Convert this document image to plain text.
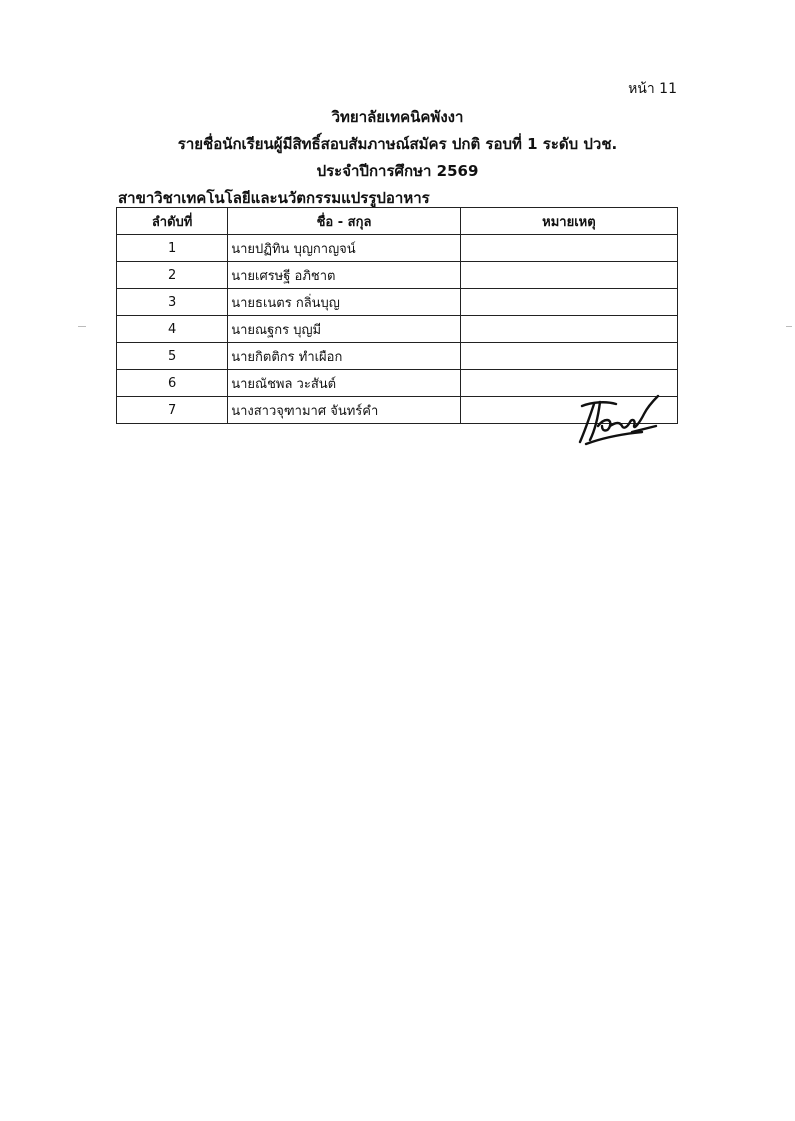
หน้า 11
วิทยาลัยเทคนิคพังงา
รายชื่อนักเรียนผู้มีสิทธิ์สอบสัมภาษณ์สมัคร ปกติ รอบที่ 1 ระดับ ปวช.
ประจำปีการศึกษา 2569
สาขาวิชาเทคโนโลยีและนวัตกรรมแปรรูปอาหาร
ลำดับที่	ชื่อ - สกุล	หมายเหตุ
1	นายปฏิทิน บุญกาญจน์	
2	นายเศรษฐี อภิชาต	
3	นายธเนตร กลิ่นบุญ	
4	นายณฐกร บุญมี	
5	นายกิตติกร ทำเผือก	
6	นายณัชพล วะสันต์	
7	นางสาวจุฑามาศ จันทร์คำ	
